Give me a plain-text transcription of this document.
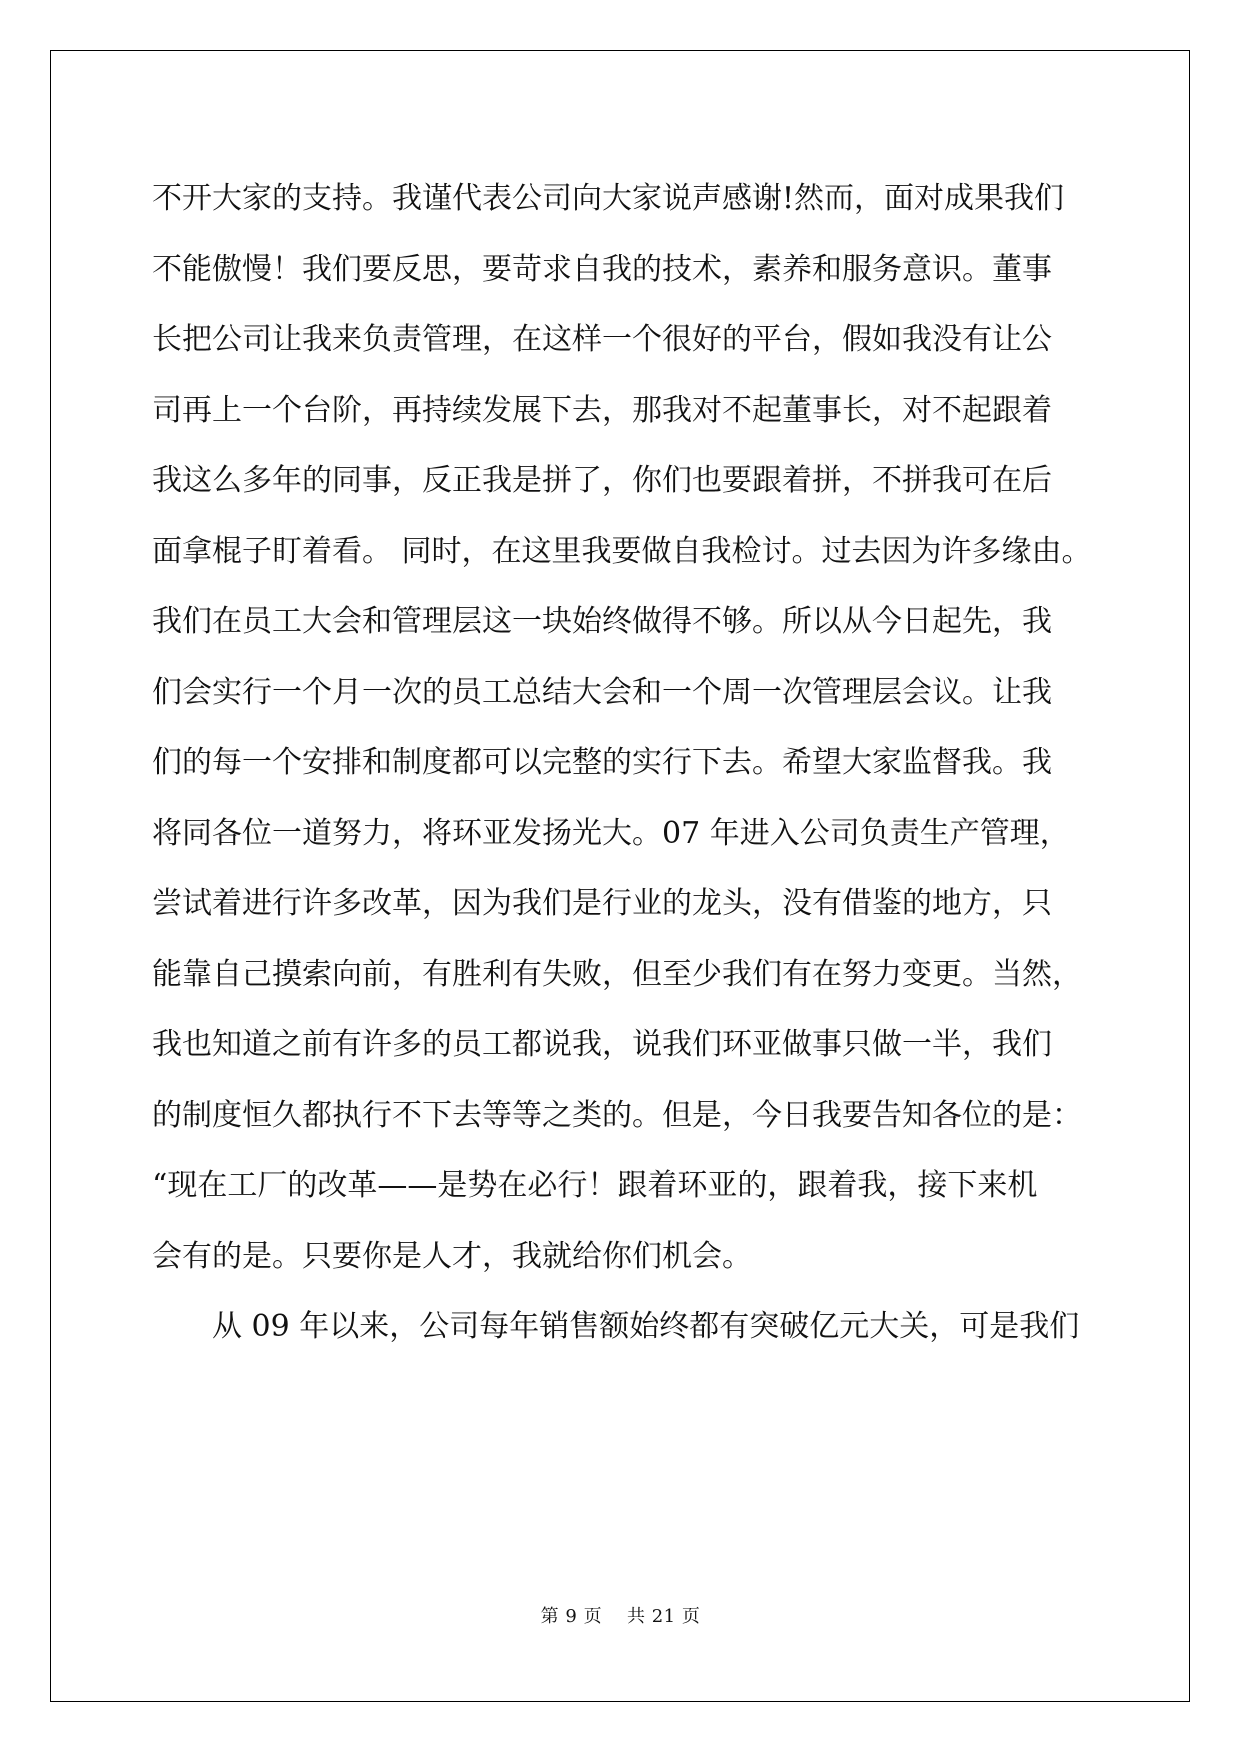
不开大家的支持。我谨代表公司向大家说声感谢!然而，面对成果我们
不能傲慢！我们要反思，要苛求自我的技术，素养和服务意识。董事
长把公司让我来负责管理，在这样一个很好的平台，假如我没有让公
司再上一个台阶，再持续发展下去，那我对不起董事长，对不起跟着
我这么多年的同事，反正我是拼了，你们也要跟着拼，不拼我可在后
面拿棍子盯着看。 同时，在这里我要做自我检讨。过去因为许多缘由。
我们在员工大会和管理层这一块始终做得不够。所以从今日起先，我
们会实行一个月一次的员工总结大会和一个周一次管理层会议。让我
们的每一个安排和制度都可以完整的实行下去。希望大家监督我。我
将同各位一道努力，将环亚发扬光大。07 年进入公司负责生产管理，
尝试着进行许多改革，因为我们是行业的龙头，没有借鉴的地方，只
能靠自己摸索向前，有胜利有失败，但至少我们有在努力变更。当然，
我也知道之前有许多的员工都说我，说我们环亚做事只做一半，我们
的制度恒久都执行不下去等等之类的。但是，今日我要告知各位的是：
“现在工厂的改革——是势在必行！跟着环亚的，跟着我，接下来机
会有的是。只要你是人才，我就给你们机会。
从 09 年以来，公司每年销售额始终都有突破亿元大关，可是我们
第 9 页 共 21 页
